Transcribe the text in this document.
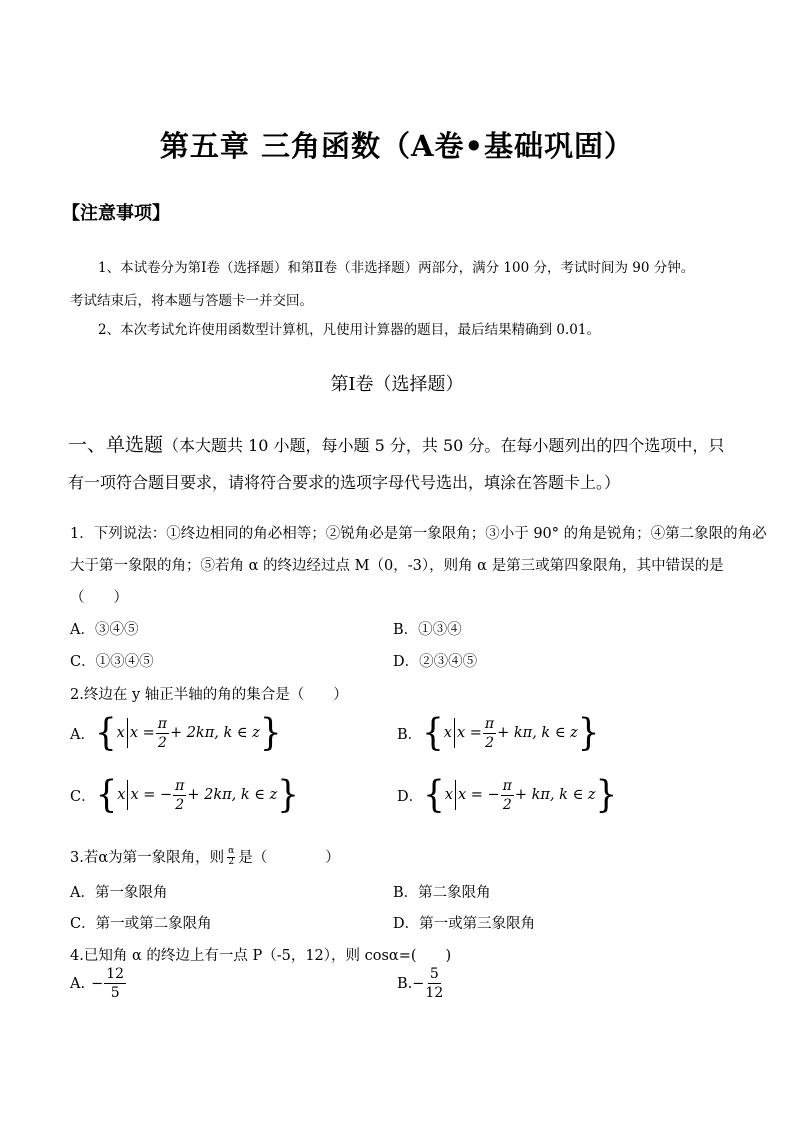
第五章 三角函数（A卷•基础巩固）
【注意事项】
1、本试卷分为第Ⅰ卷（选择题）和第Ⅱ卷（非选择题）两部分，满分 100 分，考试时间为 90 分钟。
考试结束后，将本题与答题卡一并交回。
2、本次考试允许使用函数型计算机，凡使用计算器的题目，最后结果精确到 0.01。
第Ⅰ卷（选择题）
一、单选题（本大题共 10 小题，每小题 5 分，共 50 分。在每小题列出的四个选项中，只
有一项符合题目要求，请将符合要求的选项字母代号选出，填涂在答题卡上。）
1．下列说法：①终边相同的角必相等；②锐角必是第一象限角；③小于 90° 的角是锐角；④第二象限的角必
大于第一象限的角；⑤若角 α 的终边经过点 M（0，-3），则角 α 是第三或第四象限角，其中错误的是
（　　）
A．③④⑤	B．①③④
C．①③④⑤	D．②③④⑤
2.终边在 y 轴正半轴的角的集合是（　　）
A． { x $x = \frac{\pi}{2} + 2k\pi$, k ∈ z }	B． { x $x = \frac{\pi}{2} + k\pi$, k ∈ z }
C． { x x = − $\frac{\pi}{2} + 2k\pi$, k ∈ z }	D． { x x = − $\frac{\pi}{2} + k\pi$, k ∈ z }
3.若α为第一象限角，则 $\frac{\alpha}{2}$ 是（　　　　）
A．第一象限角	B．第二象限角
C．第一或第二象限角	D．第一或第三象限角
4.已知角 α 的终边上有一点 P（-5，12），则 cosα=(　　)
A. − $\frac{12}{5}$	B. − $\frac{5}{12}$
